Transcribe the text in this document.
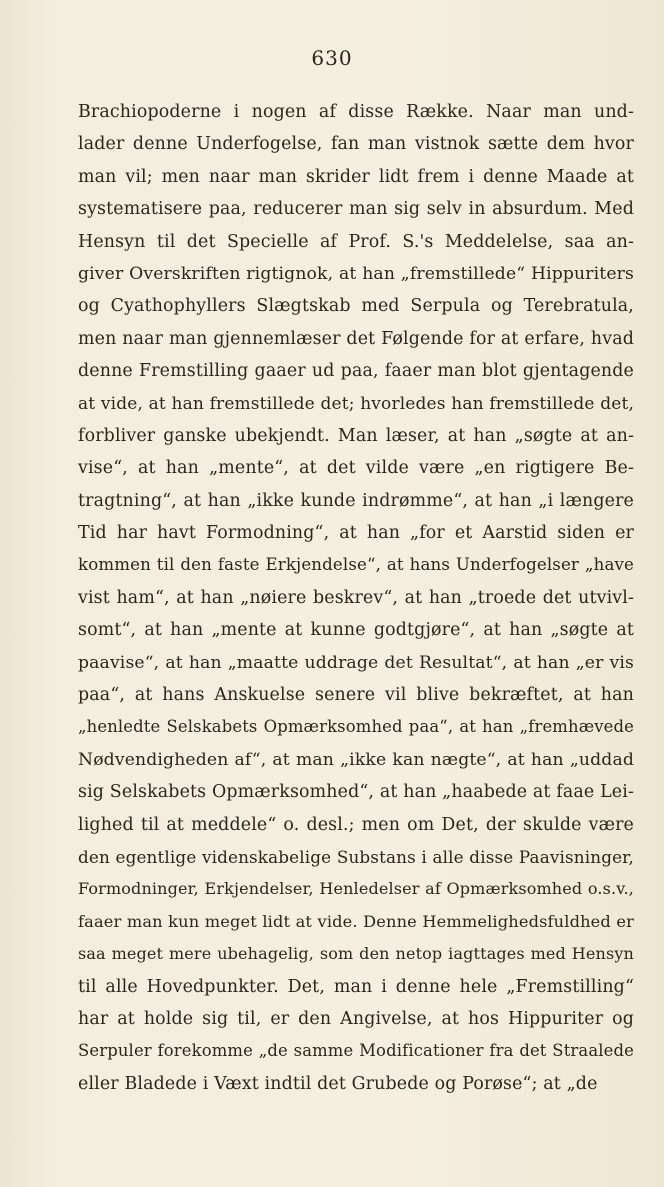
630
Brachiopoderne i nogen af disse Række. Naar man und-
lader denne Underfogelse, fan man vistnok sætte dem hvor
man vil; men naar man skrider lidt frem i denne Maade at
systematisere paa, reducerer man sig selv in absurdum. Med
Hensyn til det Specielle af Prof. S.'s Meddelelse, saa an-
giver Overskriften rigtignok, at han „fremstillede“ Hippuriters
og Cyathophyllers Slægtskab med Serpula og Terebratula,
men naar man gjennemlæser det Følgende for at erfare, hvad
denne Fremstilling gaaer ud paa, faaer man blot gjentagende
at vide, at han fremstillede det; hvorledes han fremstillede det,
forbliver ganske ubekjendt. Man læser, at han „søgte at an-
vise“, at han „mente“, at det vilde være „en rigtigere Be-
tragtning“, at han „ikke kunde indrømme“, at han „i længere
Tid har havt Formodning“, at han „for et Aarstid siden er
kommen til den faste Erkjendelse“, at hans Underfogelser „have
vist ham“, at han „nøiere beskrev“, at han „troede det utvivl-
somt“, at han „mente at kunne godtgjøre“, at han „søgte at
paavise“, at han „maatte uddrage det Resultat“, at han „er vis
paa“, at hans Anskuelse senere vil blive bekræftet, at han
„henledte Selskabets Opmærksomhed paa“, at han „fremhævede
Nødvendigheden af“, at man „ikke kan nægte“, at han „uddad
sig Selskabets Opmærksomhed“, at han „haabede at faae Lei-
lighed til at meddele“ o. desl.; men om Det, der skulde være
den egentlige videnskabelige Substans i alle disse Paavisninger,
Formodninger, Erkjendelser, Henledelser af Opmærksomhed o.s.v.,
faaer man kun meget lidt at vide. Denne Hemmelighedsfuldhed er
saa meget mere ubehagelig, som den netop iagttages med Hensyn
til alle Hovedpunkter. Det, man i denne hele „Fremstilling“
har at holde sig til, er den Angivelse, at hos Hippuriter og
Serpuler forekomme „de samme Modificationer fra det Straalede
eller Bladede i Væxt indtil det Grubede og Porøse“; at „de
